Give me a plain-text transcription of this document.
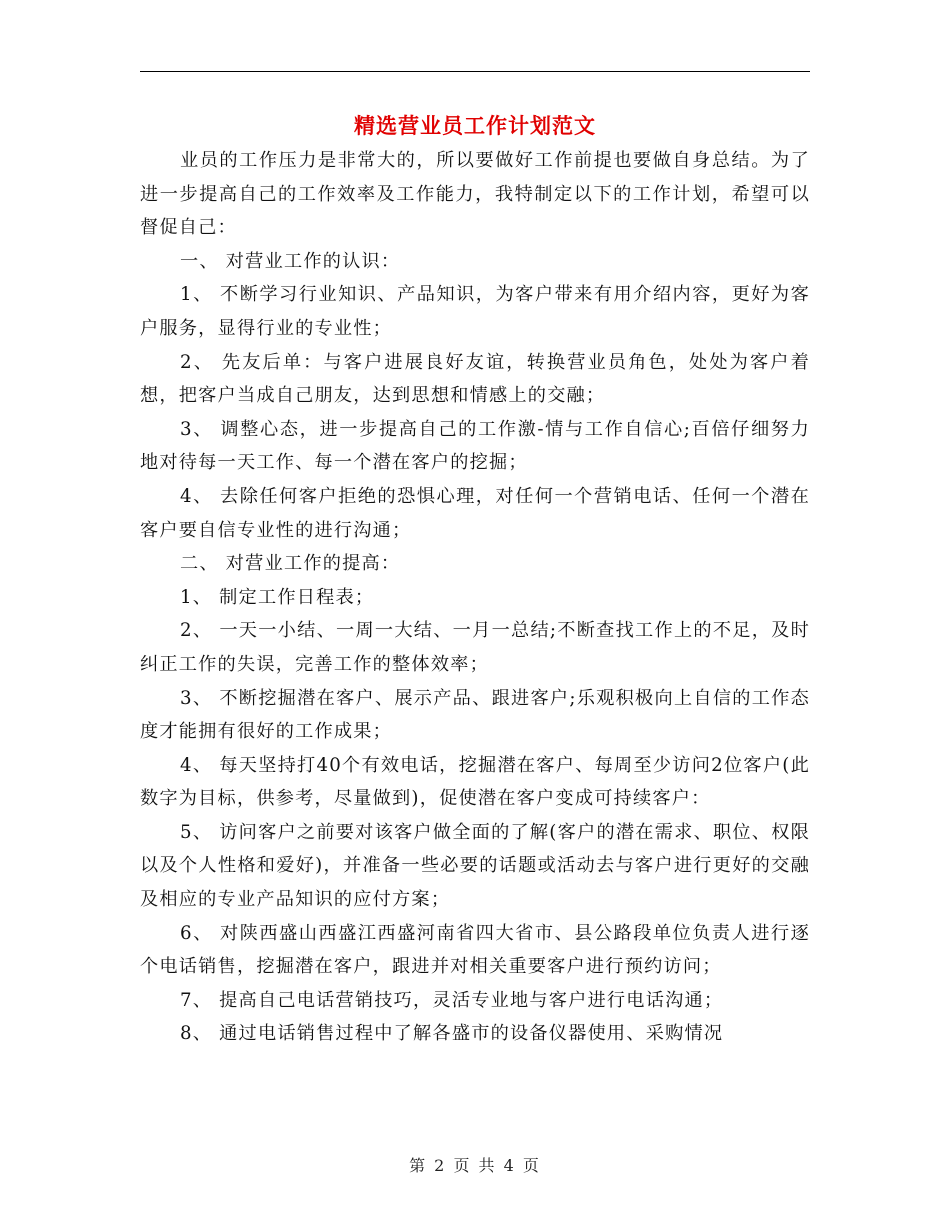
精选营业员工作计划范文

业员的工作压力是非常大的，所以要做好工作前提也要做自身总结。为了进一步提高自己的工作效率及工作能力，我特制定以下的工作计划，希望可以督促自己：

一、 对营业工作的认识：

1、 不断学习行业知识、产品知识，为客户带来有用介绍内容，更好为客户服务，显得行业的专业性；

2、 先友后单：与客户进展良好友谊，转换营业员角色，处处为客户着想，把客户当成自己朋友，达到思想和情感上的交融；

3、 调整心态，进一步提高自己的工作激-情与工作自信心;百倍仔细努力地对待每一天工作、每一个潜在客户的挖掘；

4、 去除任何客户拒绝的恐惧心理，对任何一个营销电话、任何一个潜在客户要自信专业性的进行沟通；

二、 对营业工作的提高：

1、 制定工作日程表；

2、 一天一小结、一周一大结、一月一总结;不断查找工作上的不足，及时纠正工作的失误，完善工作的整体效率；

3、 不断挖掘潜在客户、展示产品、跟进客户;乐观积极向上自信的工作态度才能拥有很好的工作成果；

4、 每天坚持打40个有效电话，挖掘潜在客户、每周至少访问2位客户(此数字为目标，供参考，尽量做到)，促使潜在客户变成可持续客户：

5、 访问客户之前要对该客户做全面的了解(客户的潜在需求、职位、权限以及个人性格和爱好)，并准备一些必要的话题或活动去与客户进行更好的交融及相应的专业产品知识的应付方案；

6、 对陕西盛山西盛江西盛河南省四大省市、县公路段单位负责人进行逐个电话销售，挖掘潜在客户，跟进并对相关重要客户进行预约访问；

7、 提高自己电话营销技巧，灵活专业地与客户进行电话沟通；

8、 通过电话销售过程中了解各盛市的设备仪器使用、采购情况

第 2 页 共 4 页
